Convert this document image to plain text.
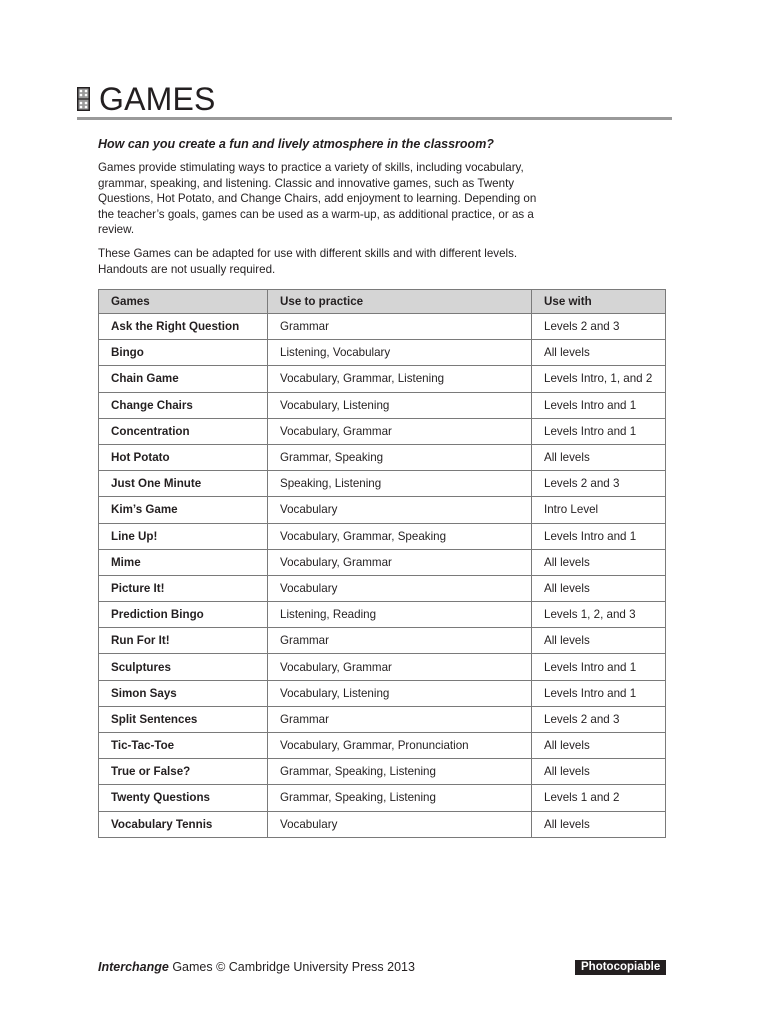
GAMES
How can you create a fun and lively atmosphere in the classroom?
Games provide stimulating ways to practice a variety of skills, including vocabulary, grammar, speaking, and listening. Classic and innovative games, such as Twenty Questions, Hot Potato, and Change Chairs, add enjoyment to learning. Depending on the teacher’s goals, games can be used as a warm-up, as additional practice, or as a review.
These Games can be adapted for use with different skills and with different levels. Handouts are not usually required.
Games	Use to practice	Use with
Ask the Right Question	Grammar	Levels 2 and 3
Bingo	Listening, Vocabulary	All levels
Chain Game	Vocabulary, Grammar, Listening	Levels Intro, 1, and 2
Change Chairs	Vocabulary, Listening	Levels Intro and 1
Concentration	Vocabulary, Grammar	Levels Intro and 1
Hot Potato	Grammar, Speaking	All levels
Just One Minute	Speaking, Listening	Levels 2 and 3
Kim’s Game	Vocabulary	Intro Level
Line Up!	Vocabulary, Grammar, Speaking	Levels Intro and 1
Mime	Vocabulary, Grammar	All levels
Picture It!	Vocabulary	All levels
Prediction Bingo	Listening, Reading	Levels 1, 2, and 3
Run For It!	Grammar	All levels
Sculptures	Vocabulary, Grammar	Levels Intro and 1
Simon Says	Vocabulary, Listening	Levels Intro and 1
Split Sentences	Grammar	Levels 2 and 3
Tic-Tac-Toe	Vocabulary, Grammar, Pronunciation	All levels
True or False?	Grammar, Speaking, Listening	All levels
Twenty Questions	Grammar, Speaking, Listening	Levels 1 and 2
Vocabulary Tennis	Vocabulary	All levels
Interchange Games © Cambridge University Press 2013	Photocopiable
